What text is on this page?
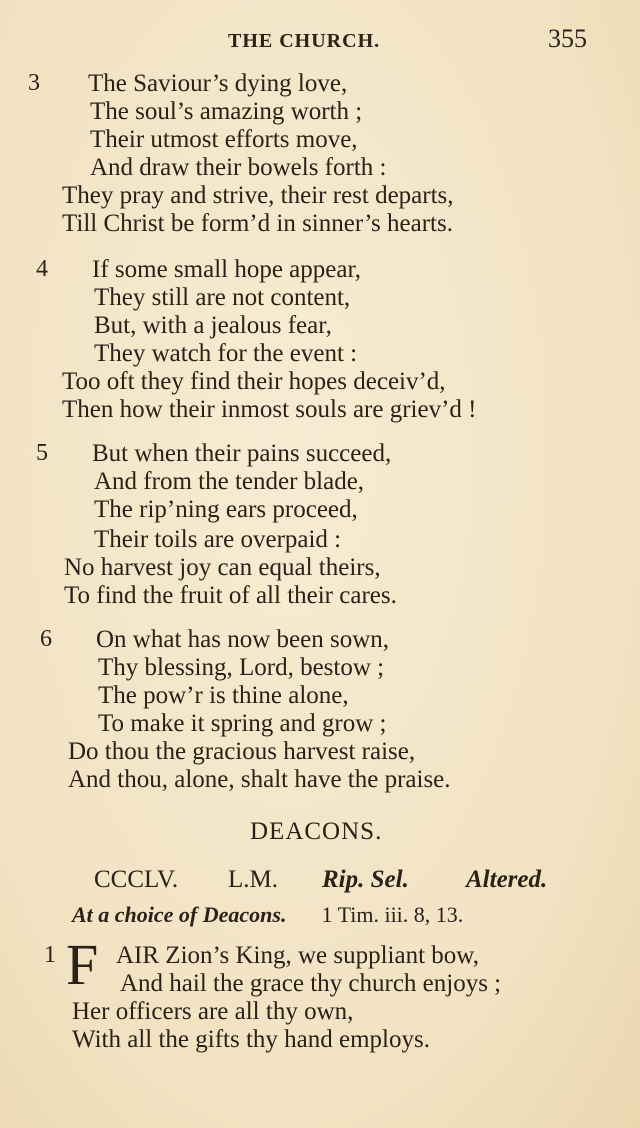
THE CHURCH.	355
3 The Saviour’s dying love,
The soul’s amazing worth ;
Their utmost efforts move,
And draw their bowels forth :
They pray and strive, their rest departs,
Till Christ be form’d in sinner’s hearts.
4 If some small hope appear,
They still are not content,
But, with a jealous fear,
They watch for the event :
Too oft they find their hopes deceiv’d,
Then how their inmost souls are griev’d !
5 But when their pains succeed,
And from the tender blade,
The rip’ning ears proceed,
Their toils are overpaid :
No harvest joy can equal theirs,
To find the fruit of all their cares.
6 On what has now been sown,
Thy blessing, Lord, bestow ;
The pow’r is thine alone,
To make it spring and grow ;
Do thou the gracious harvest raise,
And thou, alone, shalt have the praise.
DEACONS.
CCCLV. L.M. Rip. Sel. Altered.
At a choice of Deacons. 1 Tim. iii. 8, 13.
1 F AIR Zion’s King, we suppliant bow,
And hail the grace thy church enjoys ;
Her officers are all thy own,
With all the gifts thy hand employs.
